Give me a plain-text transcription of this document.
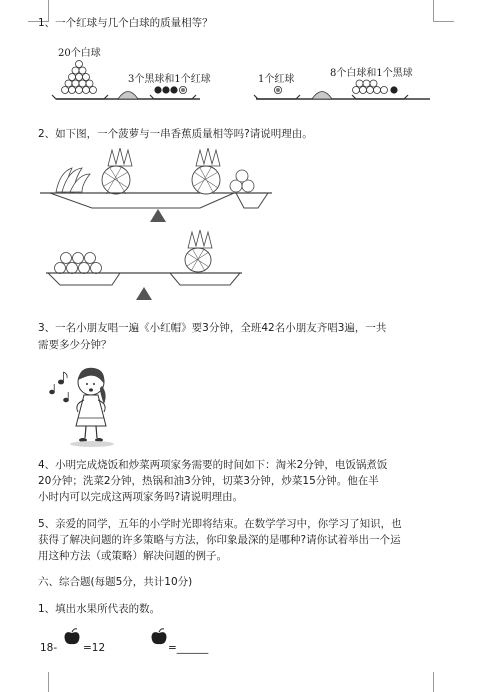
1、一个红球与几个白球的质量相等？
20个白球
3个黑球和1个红球	1个红球
8个白球和1个黑球
2、如下图，一个菠萝与一串香蕉质量相等吗?请说明理由。
3、一名小朋友唱一遍《小红帽》要3分钟，全班42名小朋友齐唱3遍，一共
需要多少分钟？
4、小明完成烧饭和炒菜两项家务需要的时间如下：淘米2分钟，电饭锅煮饭
20分钟；洗菜2分钟，热锅和油3分钟，切菜3分钟，炒菜15分钟。他在半
小时内可以完成这两项家务吗?请说明理由。
5、亲爱的同学，五年的小学时光即将结束。在数学学习中，你学习了知识，也
获得了解决问题的许多策略与方法，你印象最深的是哪种?请你试着举出一个运
用这种方法（或策略）解决问题的例子。
六、综合题(每题5分，共计10分)
1、填出水果所代表的数。
18- =12	=______
